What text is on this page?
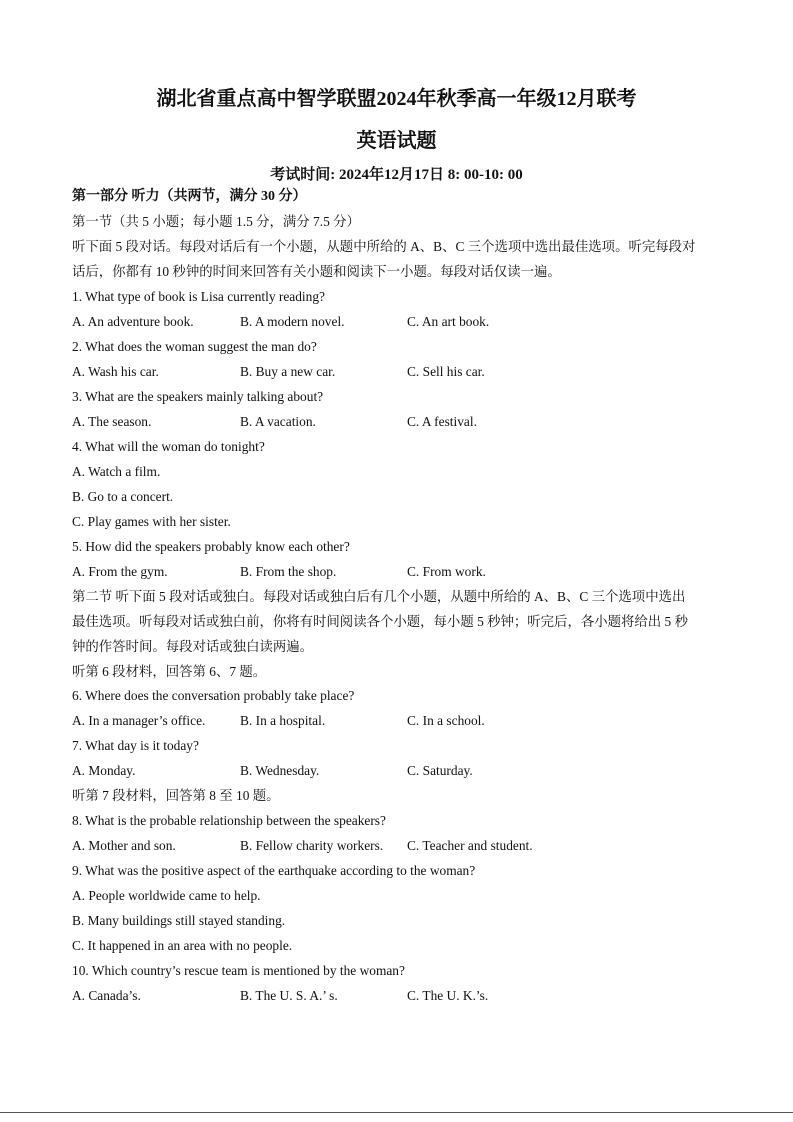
湖北省重点高中智学联盟2024年秋季高一年级12月联考
英语试题
考试时间: 2024年12月17日 8: 00-10: 00
第一部分 听力（共两节，满分 30 分）
第一节（共 5 小题；每小题 1.5 分，满分 7.5 分）
听下面 5 段对话。每段对话后有一个小题，从题中所给的 A、B、C 三个选项中选出最佳选项。听完每段对
话后，你都有 10 秒钟的时间来回答有关小题和阅读下一小题。每段对话仅读一遍。
1. What type of book is Lisa currently reading?
A. An adventure book.	B. A modern novel.	C. An art book.
2. What does the woman suggest the man do?
A. Wash his car.	B. Buy a new car.	C. Sell his car.
3. What are the speakers mainly talking about?
A. The season.	B. A vacation.	C. A festival.
4. What will the woman do tonight?
A. Watch a film.
B. Go to a concert.
C. Play games with her sister.
5. How did the speakers probably know each other?
A. From the gym.	B. From the shop.	C. From work.
第二节 听下面 5 段对话或独白。每段对话或独白后有几个小题，从题中所给的 A、B、C 三个选项中选出
最佳选项。听每段对话或独白前，你将有时间阅读各个小题，每小题 5 秒钟；听完后，各小题将给出 5 秒
钟的作答时间。每段对话或独白读两遍。
听第 6 段材料，回答第 6、7 题。
6. Where does the conversation probably take place?
A. In a manager’s office.	B. In a hospital.	C. In a school.
7. What day is it today?
A. Monday.	B. Wednesday.	C. Saturday.
听第 7 段材料，回答第 8 至 10 题。
8. What is the probable relationship between the speakers?
A. Mother and son.	B. Fellow charity workers. C. Teacher and student.
9. What was the positive aspect of the earthquake according to the woman?
A. People worldwide came to help.
B. Many buildings still stayed standing.
C. It happened in an area with no people.
10. Which country’s rescue team is mentioned by the woman?
A. Canada’s.	B. The U. S. A.’ s.	C. The U. K.’s.
